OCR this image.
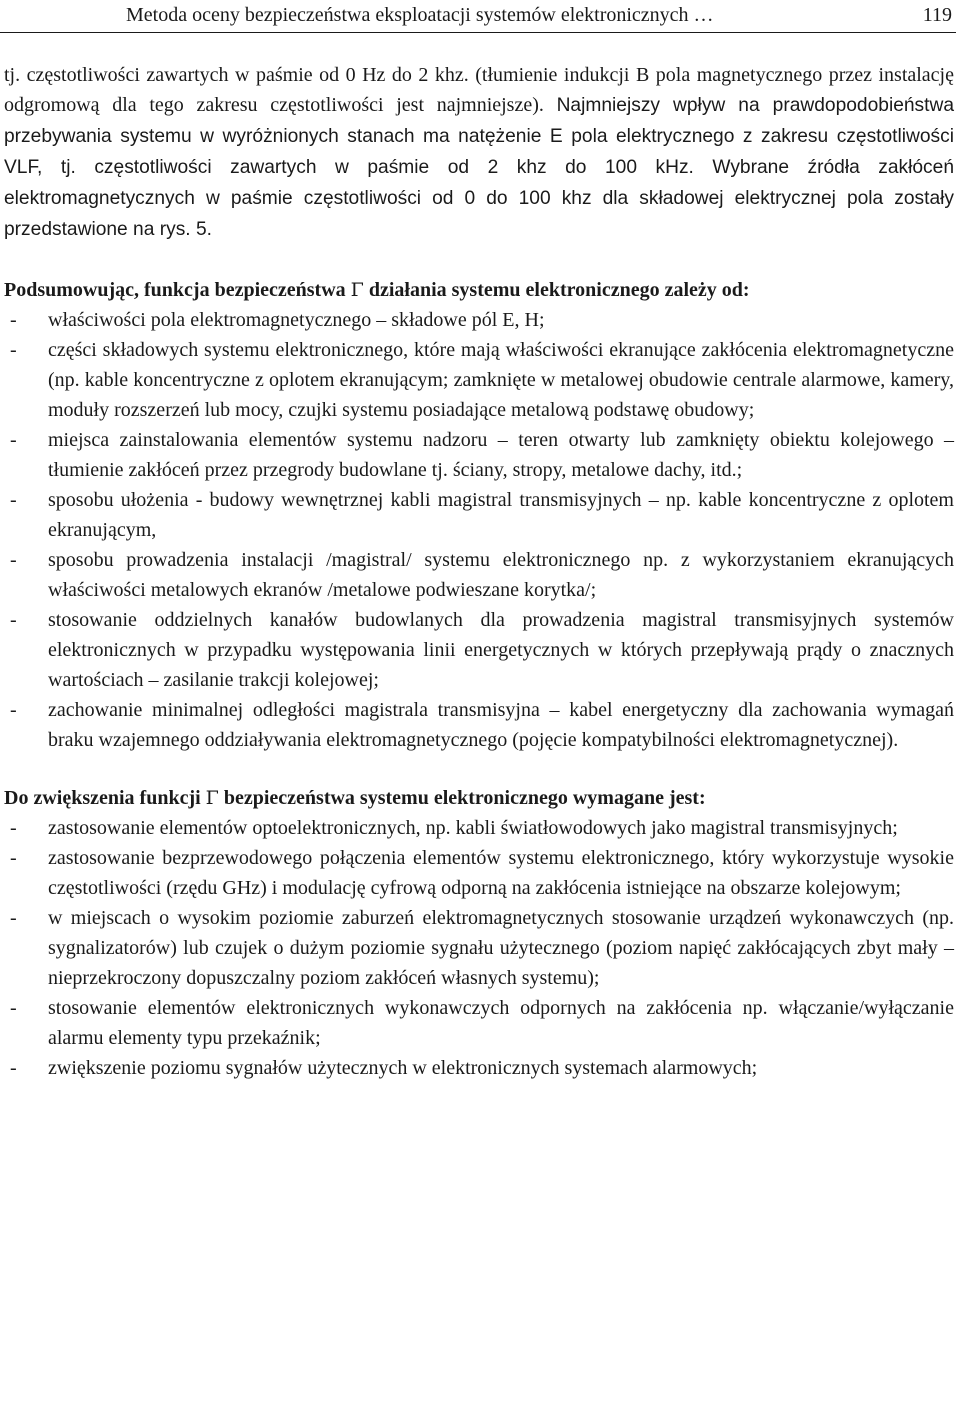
Metoda oceny bezpieczeństwa eksploatacji systemów elektronicznych …	119

tj. częstotliwości zawartych w paśmie od 0 Hz do 2 khz. (tłumienie indukcji B pola magnetycznego przez instalację odgromową dla tego zakresu częstotliwości jest najmniejsze). Najmniejszy wpływ na prawdopodobieństwa przebywania systemu w wyróżnionych stanach ma natężenie E pola elektrycznego z zakresu częstotliwości VLF, tj. częstotliwości zawartych w paśmie od 2 khz do 100 kHz. Wybrane źródła zakłóceń elektromagnetycznych w paśmie częstotliwości od 0 do 100 khz dla składowej elektrycznej pola zostały przedstawione na rys. 5.

Podsumowując, funkcja bezpieczeństwa Γ działania systemu elektronicznego zależy od:

- właściwości pola elektromagnetycznego – składowe pól E, H;
- części składowych systemu elektronicznego, które mają właściwości ekranujące zakłócenia elektromagnetyczne (np. kable koncentryczne z oplotem ekranującym; zamknięte w metalowej obudowie centrale alarmowe, kamery, moduły rozszerzeń lub mocy, czujki systemu posiadające metalową podstawę obudowy;
- miejsca zainstalowania elementów systemu nadzoru – teren otwarty lub zamknięty obiektu kolejowego – tłumienie zakłóceń przez przegrody budowlane tj. ściany, stropy, metalowe dachy, itd.;
- sposobu ułożenia - budowy wewnętrznej kabli magistral transmisyjnych – np. kable koncentryczne z oplotem ekranującym,
- sposobu prowadzenia instalacji /magistral/ systemu elektronicznego np. z wykorzystaniem ekranujących właściwości metalowych ekranów /metalowe podwieszane korytka/;
- stosowanie oddzielnych kanałów budowlanych dla prowadzenia magistral transmisyjnych systemów elektronicznych w przypadku występowania linii energetycznych w których przepływają prądy o znacznych wartościach – zasilanie trakcji kolejowej;
- zachowanie minimalnej odległości magistrala transmisyjna – kabel energetyczny dla zachowania wymagań braku wzajemnego oddziaływania elektromagnetycznego (pojęcie kompatybilności elektromagnetycznej).

Do zwiększenia funkcji Γ bezpieczeństwa systemu elektronicznego wymagane jest:

- zastosowanie elementów optoelektronicznych, np. kabli światłowodowych jako magistral transmisyjnych;
- zastosowanie bezprzewodowego połączenia elementów systemu elektronicznego, który wykorzystuje wysokie częstotliwości (rzędu GHz) i modulację cyfrową odporną na zakłócenia istniejące na obszarze kolejowym;
- w miejscach o wysokim poziomie zaburzeń elektromagnetycznych stosowanie urządzeń wykonawczych (np. sygnalizatorów) lub czujek o dużym poziomie sygnału użytecznego (poziom napięć zakłócających zbyt mały – nieprzekroczony dopuszczalny poziom zakłóceń własnych systemu);
- stosowanie elementów elektronicznych wykonawczych odpornych na zakłócenia np. włączanie/wyłączanie alarmu elementy typu przekaźnik;
- zwiększenie poziomu sygnałów użytecznych w elektronicznych systemach alarmowych;
